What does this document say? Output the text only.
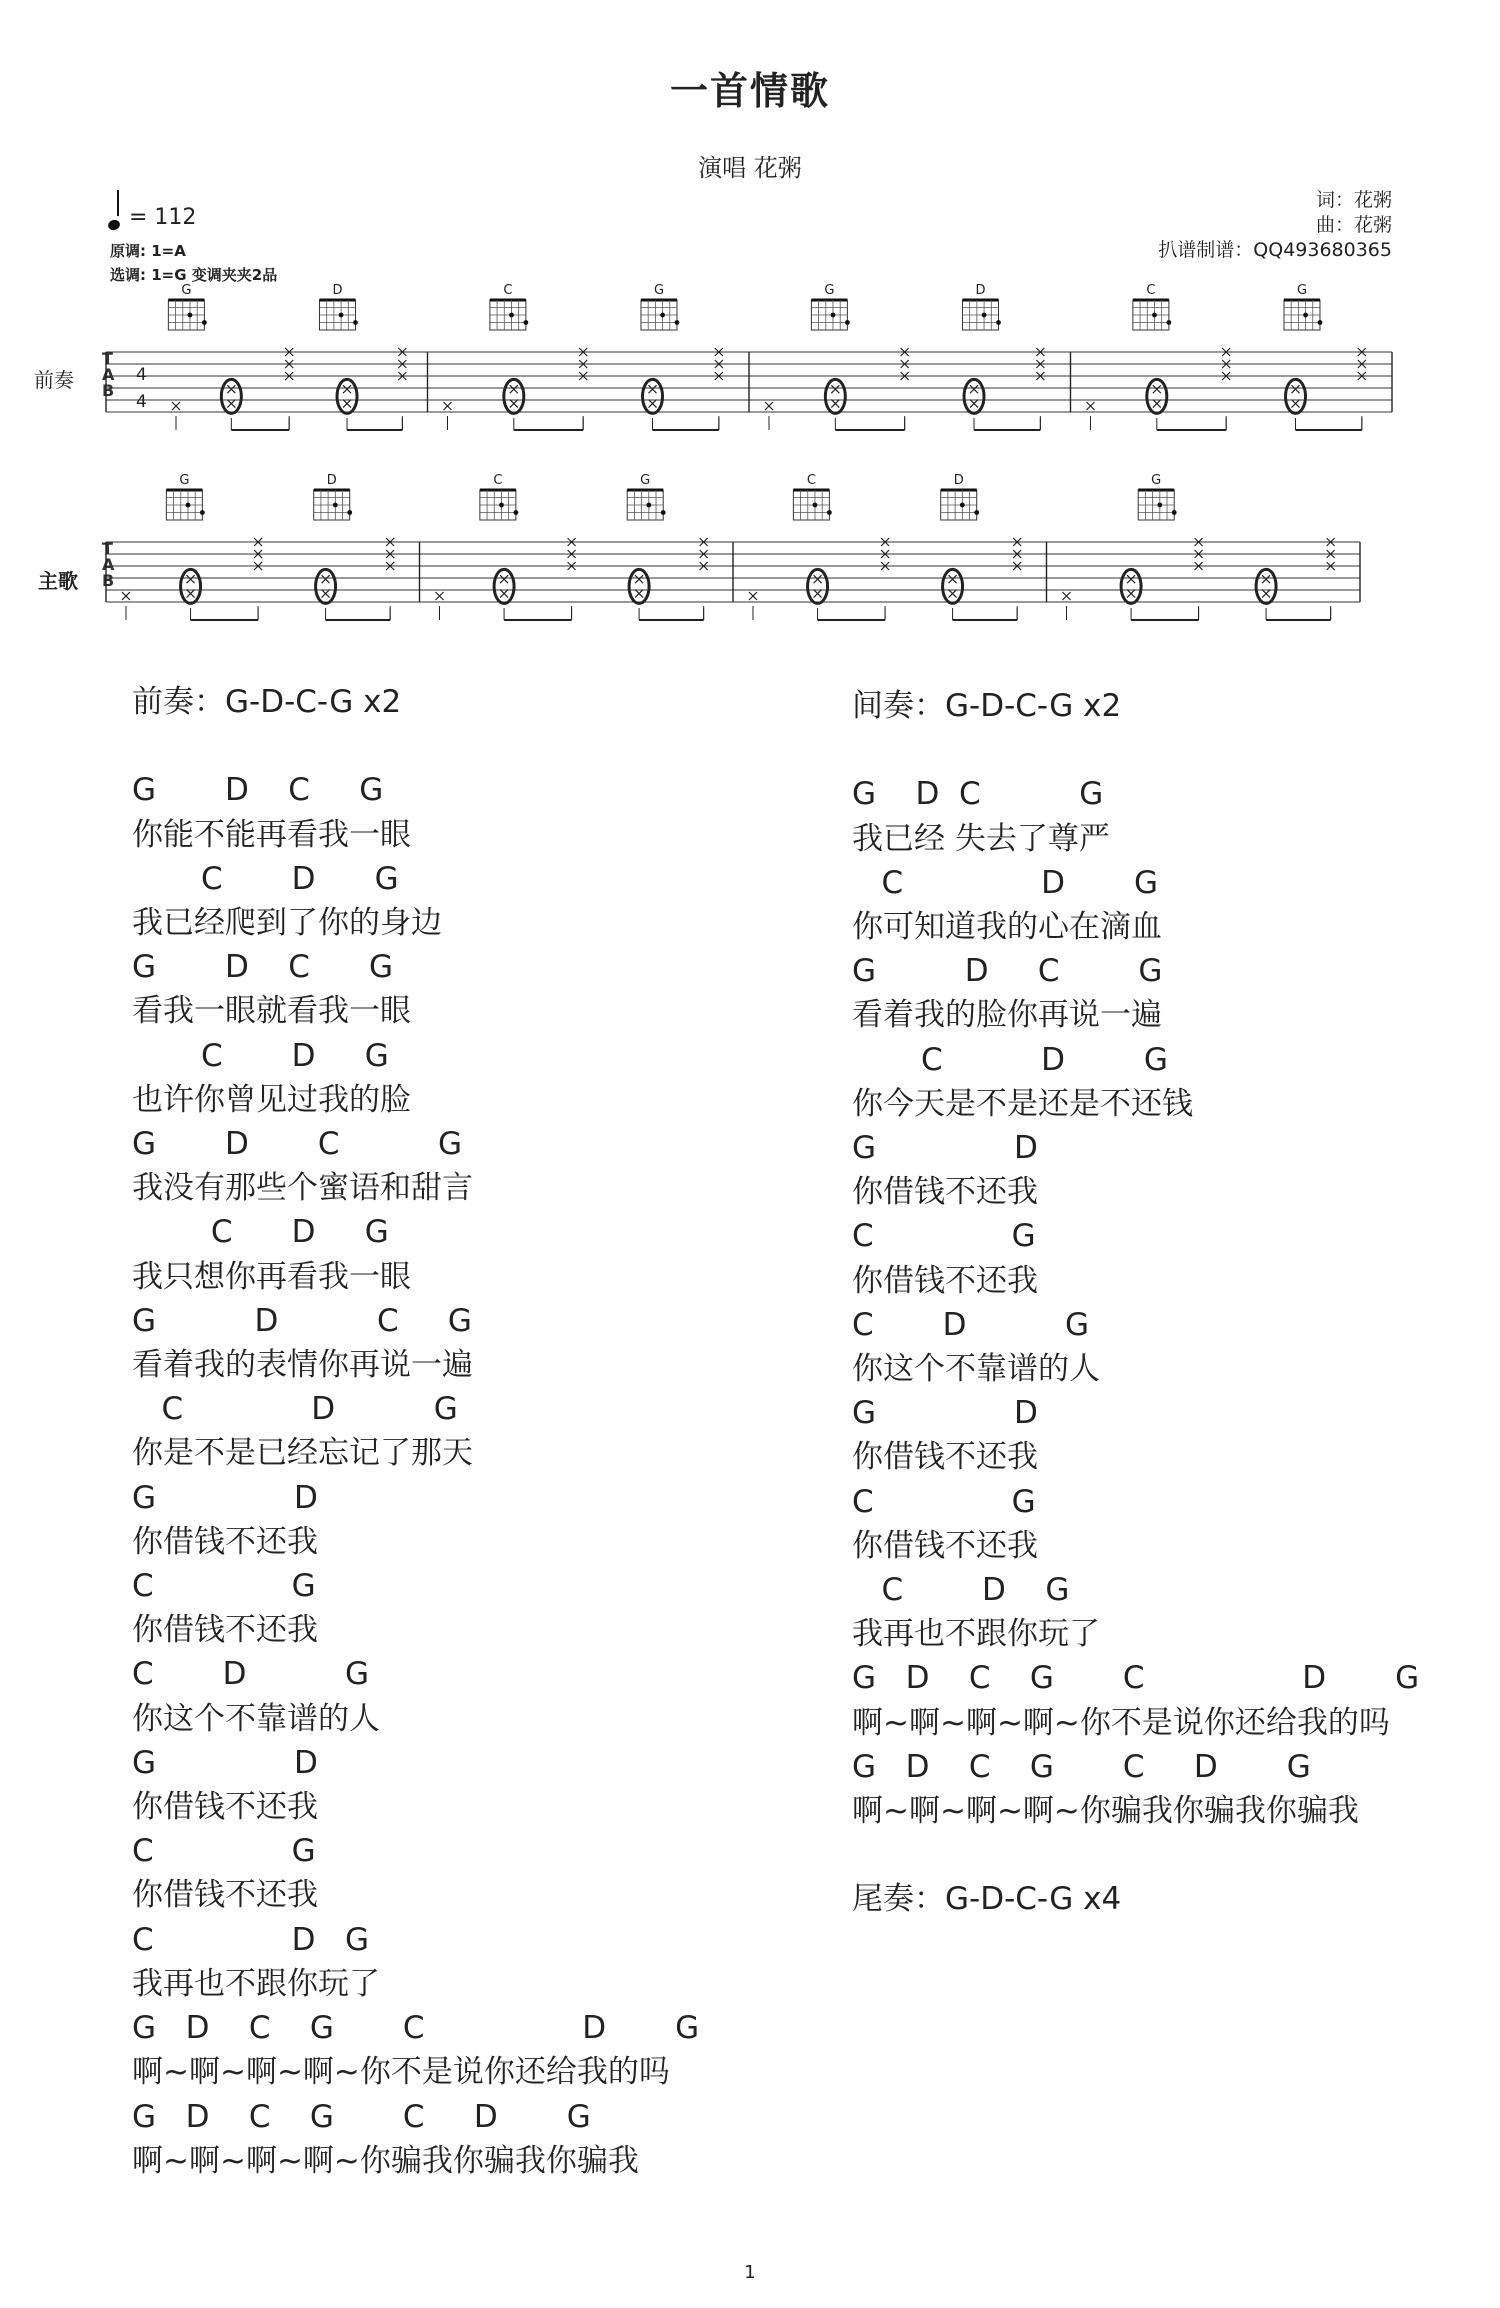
一首情歌
演唱 花粥
= 112
原调: 1=A
选调: 1=G 变调夹夹2品
词：花粥
曲：花粥
扒谱制谱：QQ493680365
前奏
T
A
B
4
4
G	D	C	G	G	D	C	G
主歌
T
A
B
G	D	C	G	C	D	G
前奏：G-D-C-G x2

G       D    C     G
你能不能再看我一眼
C       D      G
我已经爬到了你的身边
G       D    C      G
看我一眼就看我一眼
C       D     G
也许你曾见过我的脸
G       D       C          G
我没有那些个蜜语和甜言
C      D     G
我只想你再看我一眼
G          D          C     G
看着我的表情你再说一遍
C             D          G
你是不是已经忘记了那天
G              D
你借钱不还我
C              G
你借钱不还我
C       D          G
你这个不靠谱的人
G              D
你借钱不还我
C              G
你借钱不还我
C              D   G
我再也不跟你玩了
G   D    C    G       C                D       G
啊~啊~啊~啊~你不是说你还给我的吗
G   D    C    G       C     D       G
啊~啊~啊~啊~你骗我你骗我你骗我
间奏：G-D-C-G x2

G    D  C          G
我已经 失去了尊严
C              D       G
你可知道我的心在滴血
G         D     C        G
看着我的脸你再说一遍
C          D        G
你今天是不是还是不还钱
G              D
你借钱不还我
C              G
你借钱不还我
C       D          G
你这个不靠谱的人
G              D
你借钱不还我
C              G
你借钱不还我
C        D    G
我再也不跟你玩了
G   D    C    G       C                D       G
啊~啊~啊~啊~你不是说你还给我的吗
G   D    C    G       C     D       G
啊~啊~啊~啊~你骗我你骗我你骗我

尾奏：G-D-C-G x4
1
